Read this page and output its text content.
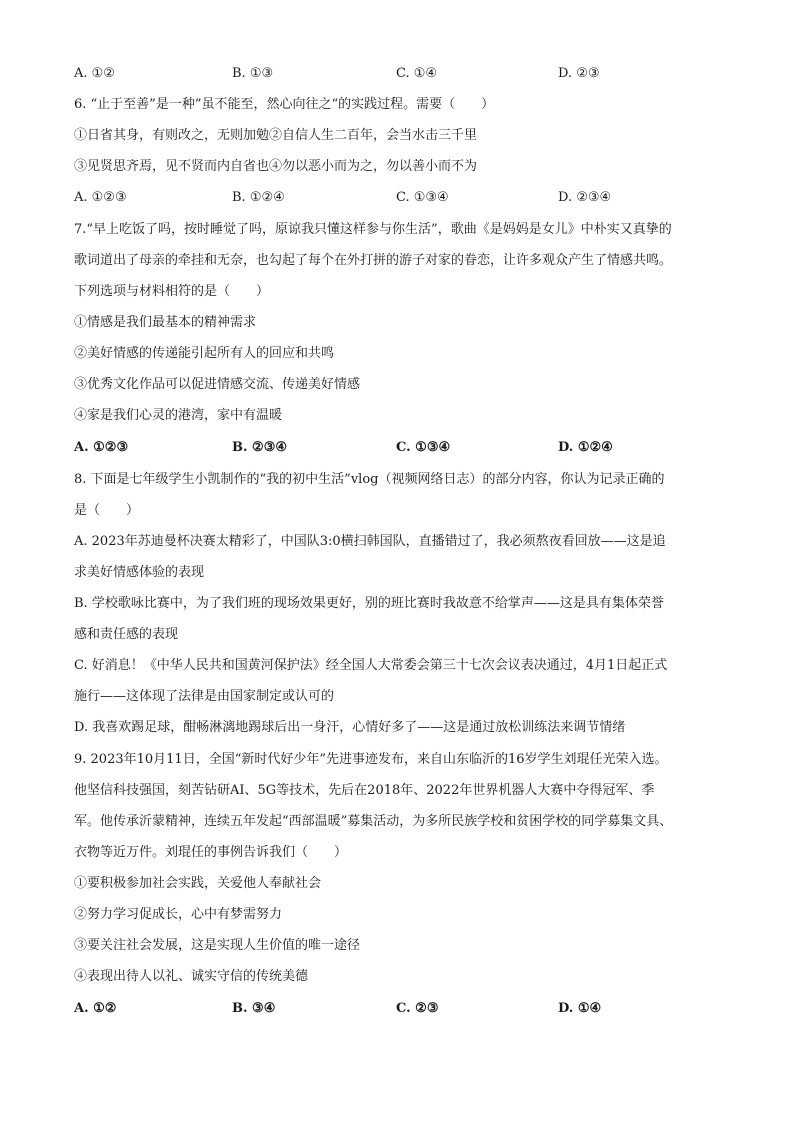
A. ①②	B. ①③	C. ①④	D. ②③
6. “止于至善”是一种”虽不能至，然心向往之“的实践过程。需要（　　）
①日省其身，有则改之，无则加勉②自信人生二百年，会当水击三千里
③见贤思齐焉，见不贤而内自省也④勿以恶小而为之，勿以善小而不为
A. ①②③	B. ①②④	C. ①③④	D. ②③④
7.“早上吃饭了吗，按时睡觉了吗，原谅我只懂这样参与你生活”，歌曲《是妈妈是女儿》中朴实又真挚的
歌词道出了母亲的牵挂和无奈，也勾起了每个在外打拼的游子对家的眷恋，让许多观众产生了情感共鸣。
下列选项与材料相符的是（　　）
①情感是我们最基本的精神需求
②美好情感的传递能引起所有人的回应和共鸣
③优秀文化作品可以促进情感交流、传递美好情感
④家是我们心灵的港湾，家中有温暖
A. ①②③	B. ②③④	C. ①③④	D. ①②④
8. 下面是七年级学生小凯制作的“我的初中生活”vlog（视频网络日志）的部分内容，你认为记录正确的
是（　　）
A. 2023年苏迪曼杯决赛太精彩了，中国队3:0横扫韩国队，直播错过了，我必须熬夜看回放——这是追
求美好情感体验的表现
B. 学校歌咏比赛中，为了我们班的现场效果更好，别的班比赛时我故意不给掌声——这是具有集体荣誉
感和责任感的表现
C. 好消息！《中华人民共和国黄河保护法》经全国人大常委会第三十七次会议表决通过，4月1日起正式
施行——这体现了法律是由国家制定或认可的
D. 我喜欢踢足球，酣畅淋漓地踢球后出一身汗，心情好多了——这是通过放松训练法来调节情绪
9. 2023年10月11日，全国“新时代好少年”先进事迹发布，来自山东临沂的16岁学生刘琨任光荣入选。
他坚信科技强国，刻苦钻研AI、5G等技术，先后在2018年、2022年世界机器人大赛中夺得冠军、季
军。他传承沂蒙精神，连续五年发起“西部温暖”募集活动，为多所民族学校和贫困学校的同学募集文具、
衣物等近万件。刘琨任的事例告诉我们（　　）
①要积极参加社会实践，关爱他人奉献社会
②努力学习促成长，心中有梦需努力
③要关注社会发展，这是实现人生价值的唯一途径
④表现出待人以礼、诚实守信的传统美德
A. ①②	B. ③④	C. ②③	D. ①④
